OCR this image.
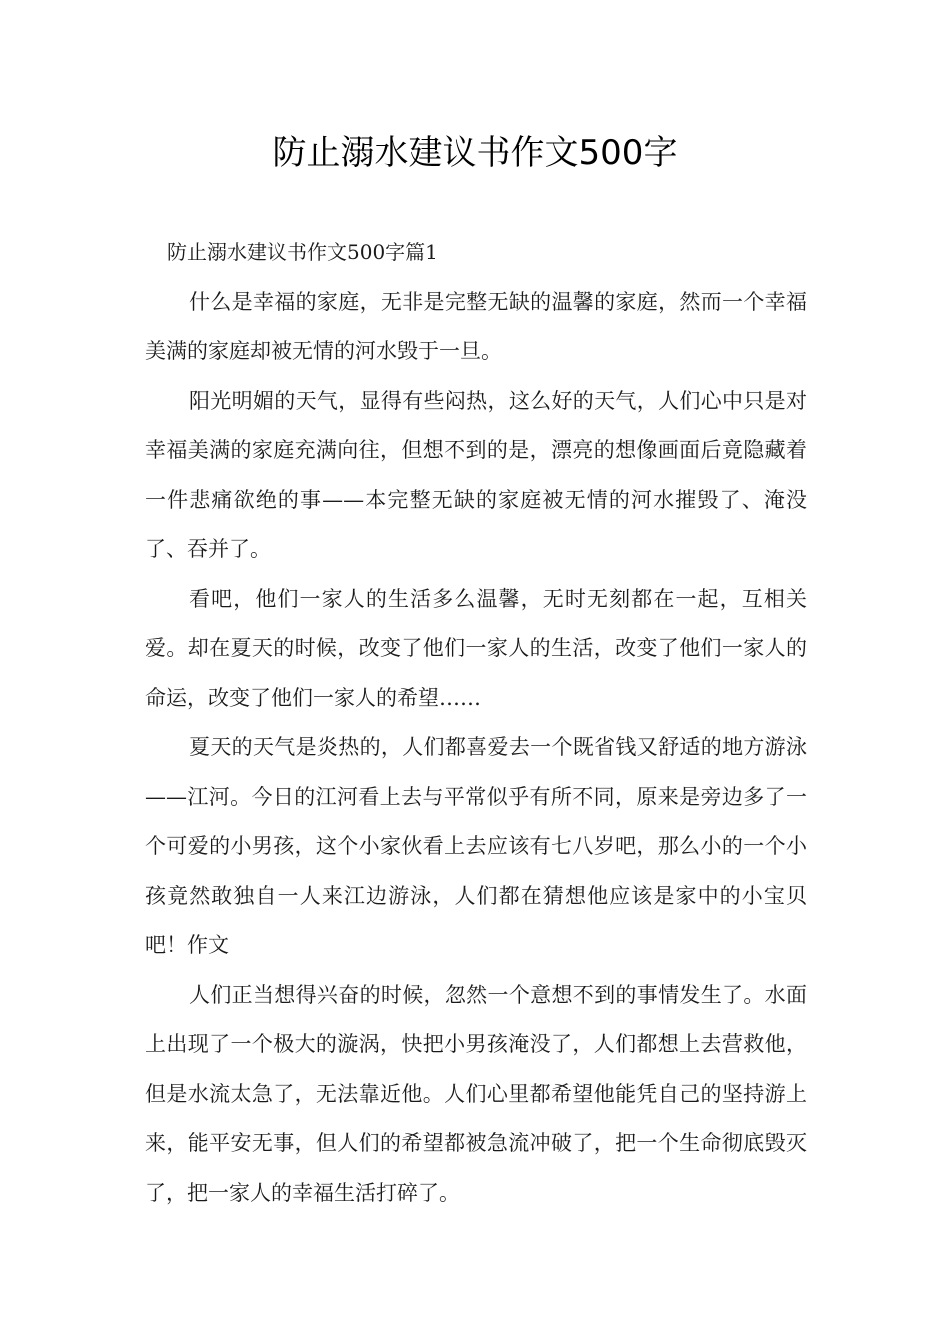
防止溺水建议书作文500字
防止溺水建议书作文500字篇1

什么是幸福的家庭，无非是完整无缺的温馨的家庭，然而一个幸福美满的家庭却被无情的河水毁于一旦。

阳光明媚的天气，显得有些闷热，这么好的天气，人们心中只是对幸福美满的家庭充满向往，但想不到的是，漂亮的想像画面后竟隐藏着一件悲痛欲绝的事——本完整无缺的家庭被无情的河水摧毁了、淹没了、吞并了。

看吧，他们一家人的生活多么温馨，无时无刻都在一起，互相关爱。却在夏天的时候，改变了他们一家人的生活，改变了他们一家人的命运，改变了他们一家人的希望……

夏天的天气是炎热的，人们都喜爱去一个既省钱又舒适的地方游泳——江河。今日的江河看上去与平常似乎有所不同，原来是旁边多了一个可爱的小男孩，这个小家伙看上去应该有七八岁吧，那么小的一个小孩竟然敢独自一人来江边游泳，人们都在猜想他应该是家中的小宝贝吧！作文

人们正当想得兴奋的时候，忽然一个意想不到的事情发生了。水面上出现了一个极大的漩涡，快把小男孩淹没了，人们都想上去营救他，但是水流太急了，无法靠近他。人们心里都希望他能凭自己的坚持游上来，能平安无事，但人们的希望都被急流冲破了，把一个生命彻底毁灭了，把一家人的幸福生活打碎了。
